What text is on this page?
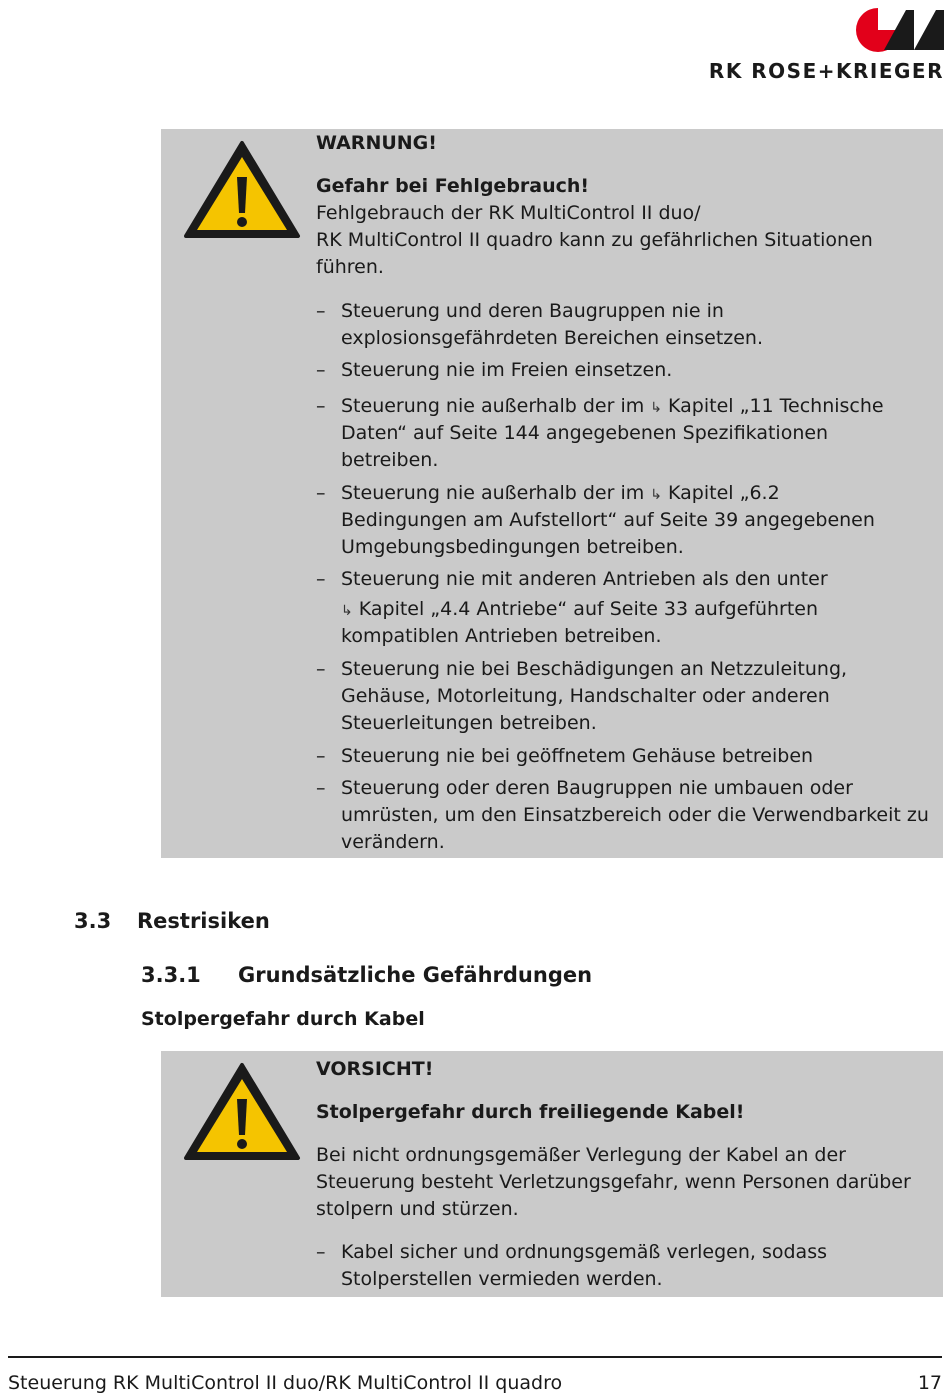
RK ROSE+KRIEGER
WARNUNG!
Gefahr bei Fehlgebrauch!
Fehlgebrauch der RK MultiControl II duo/
RK MultiControl II quadro kann zu gefährlichen Situationen
führen.
– Steuerung und deren Baugruppen nie in
explosionsgefährdeten Bereichen einsetzen.
– Steuerung nie im Freien einsetzen.
– Steuerung nie außerhalb der im ↳ Kapitel „11 Technische
Daten“ auf Seite 144 angegebenen Spezifikationen
betreiben.
– Steuerung nie außerhalb der im ↳ Kapitel „6.2
Bedingungen am Aufstellort“ auf Seite 39 angegebenen
Umgebungsbedingungen betreiben.
– Steuerung nie mit anderen Antrieben als den unter
↳ Kapitel „4.4 Antriebe“ auf Seite 33 aufgeführten
kompatiblen Antrieben betreiben.
– Steuerung nie bei Beschädigungen an Netzzuleitung,
Gehäuse, Motorleitung, Handschalter oder anderen
Steuerleitungen betreiben.
– Steuerung nie bei geöffnetem Gehäuse betreiben
– Steuerung oder deren Baugruppen nie umbauen oder
umrüsten, um den Einsatzbereich oder die Verwendbarkeit zu
verändern.
3.3 Restrisiken
3.3.1 Grundsätzliche Gefährdungen
Stolpergefahr durch Kabel
VORSICHT!
Stolpergefahr durch freiliegende Kabel!
Bei nicht ordnungsgemäßer Verlegung der Kabel an der
Steuerung besteht Verletzungsgefahr, wenn Personen darüber
stolpern und stürzen.
– Kabel sicher und ordnungsgemäß verlegen, sodass
Stolperstellen vermieden werden.
Steuerung RK MultiControl II duo/RK MultiControl II quadro	17
